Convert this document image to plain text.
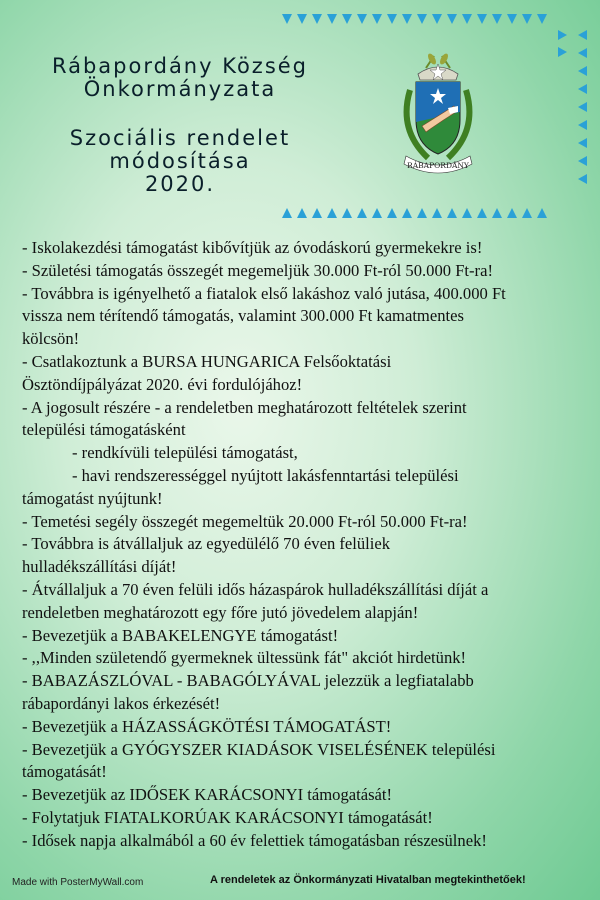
Rábapordány Község
Önkormányzata
Szociális rendelet
módosítása
2020.
RÁBAPORDÁNY
- Iskolakezdési támogatást kibővítjük az óvodáskorú gyermekekre is!
- Születési támogatás összegét megemeljük 30.000 Ft-ról 50.000 Ft-ra!
- Továbbra is igényelhető a fiatalok első lakáshoz való jutása, 400.000 Ft
vissza nem térítendő támogatás, valamint 300.000 Ft kamatmentes
kölcsön!
- Csatlakoztunk a BURSA HUNGARICA Felsőoktatási
Ösztöndíjpályázat 2020. évi fordulójához!
- A jogosult részére - a rendeletben meghatározott feltételek szerint
települési támogatásként
- rendkívüli települési támogatást,
- havi rendszerességgel nyújtott lakásfenntartási települési
támogatást nyújtunk!
- Temetési segély összegét megemeltük 20.000 Ft-ról 50.000 Ft-ra!
- Továbbra is átvállaljuk az egyedülélő 70 éven felüliek
hulladékszállítási díját!
- Átvállaljuk a 70 éven felüli idős házaspárok hulladékszállítási díját a
rendeletben meghatározott egy főre jutó jövedelem alapján!
- Bevezetjük a BABAKELENGYE támogatást!
- ,,Minden születendő gyermeknek ültessünk fát" akciót hirdetünk!
- BABAZÁSZLÓVAL - BABAGÓLYÁVAL jelezzük a legfiatalabb
rábapordányi lakos érkezését!
- Bevezetjük a HÁZASSÁGKÖTÉSI TÁMOGATÁST!
- Bevezetjük a GYÓGYSZER KIADÁSOK VISELÉSÉNEK települési
támogatását!
- Bevezetjük az IDŐSEK KARÁCSONYI támogatását!
- Folytatjuk FIATALKORÚAK KARÁCSONYI támogatását!
- Idősek napja alkalmából a 60 év felettiek támogatásban részesülnek!
Made with PosterMyWall.com	A rendeletek az Önkormányzati Hivatalban megtekinthetőek!
